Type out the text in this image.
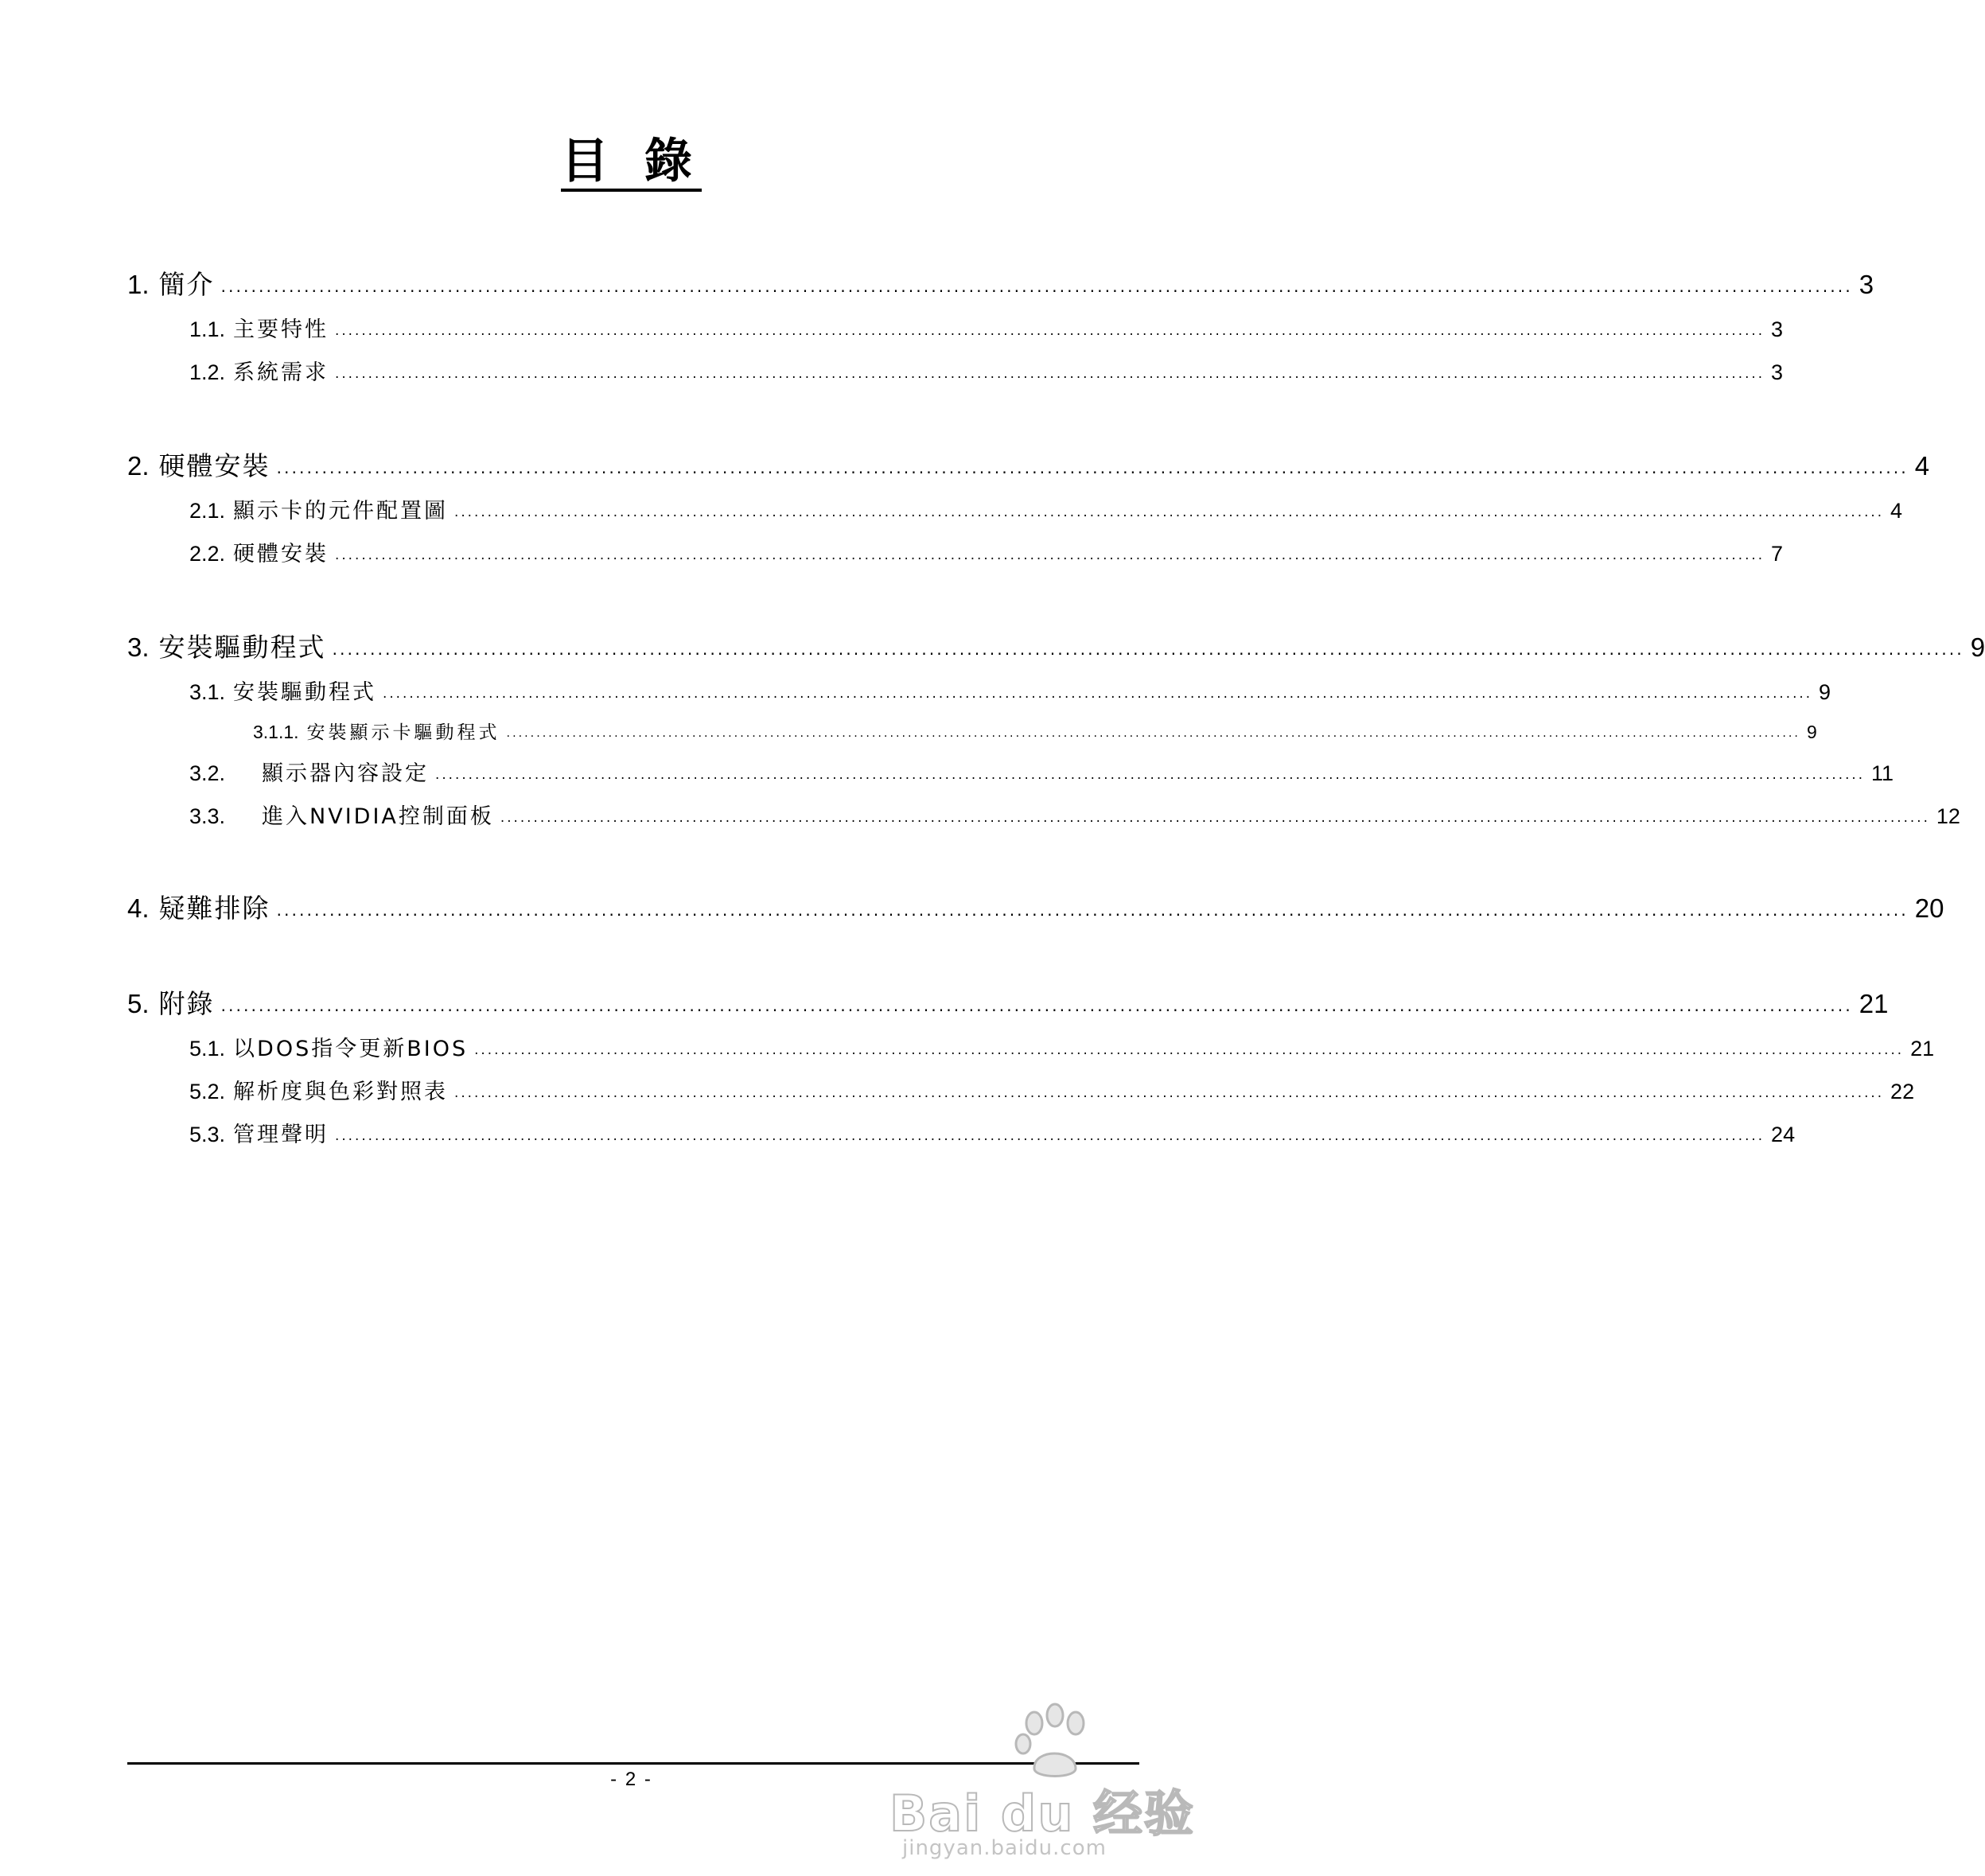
目 錄
1. 簡介 ........................................................................................................................................................................................................................ 3
1.1. 主要特性 ........................................................................................................................................................................................................................ 3
1.2. 系統需求 ........................................................................................................................................................................................................................ 3
2. 硬體安裝 ........................................................................................................................................................................................................................ 4
2.1. 顯示卡的元件配置圖 ........................................................................................................................................................................................................................ 4
2.2. 硬體安裝 ........................................................................................................................................................................................................................ 7
3. 安裝驅動程式 ........................................................................................................................................................................................................................ 9
3.1. 安裝驅動程式 ........................................................................................................................................................................................................................ 9
3.1.1. 安裝顯示卡驅動程式 ........................................................................................................................................................................................................................ 9
3.2. 顯示器內容設定 ........................................................................................................................................................................................................................ 11
3.3. 進入NVIDIA控制面板 ........................................................................................................................................................................................................................ 12
4. 疑難排除 ........................................................................................................................................................................................................................ 20
5. 附錄 ........................................................................................................................................................................................................................ 21
5.1. 以DOS指令更新BIOS ........................................................................................................................................................................................................................ 21
5.2. 解析度與色彩對照表 ........................................................................................................................................................................................................................ 22
5.3. 管理聲明 ........................................................................................................................................................................................................................ 24
- 2 -
Bai du 经验
jingyan.baidu.com
